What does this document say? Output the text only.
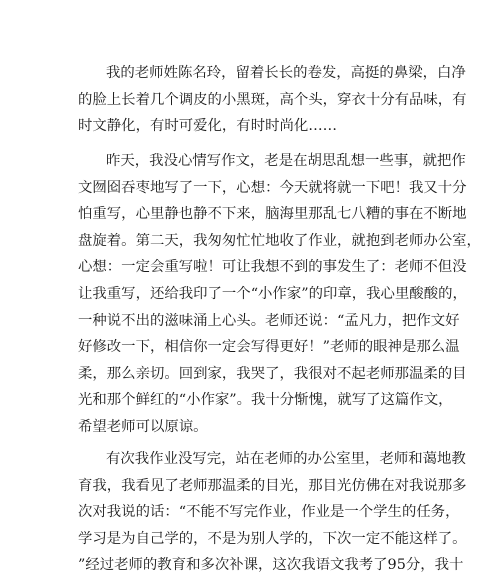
我的老师姓陈名玲，留着长长的卷发，高挺的鼻梁，白净
的脸上长着几个调皮的小黑斑，高个头，穿衣十分有品味，有
时文静化，有时可爱化，有时时尚化……
昨天，我没心情写作文，老是在胡思乱想一些事，就把作
文囫囵吞枣地写了一下，心想：今天就将就一下吧！我又十分
怕重写，心里静也静不下来，脑海里那乱七八糟的事在不断地
盘旋着。第二天，我匆匆忙忙地收了作业，就抱到老师办公室，
心想：一定会重写啦！可让我想不到的事发生了：老师不但没
让我重写，还给我印了一个“小作家”的印章，我心里酸酸的，
一种说不出的滋味涌上心头。老师还说：“孟凡力，把作文好
好修改一下，相信你一定会写得更好！”老师的眼神是那么温
柔，那么亲切。回到家，我哭了，我很对不起老师那温柔的目
光和那个鲜红的“小作家”。我十分惭愧，就写了这篇作文，
希望老师可以原谅。
有次我作业没写完，站在老师的办公室里，老师和蔼地教
育我，我看见了老师那温柔的目光，那目光仿佛在对我说那多
次对我说的话：“不能不写完作业，作业是一个学生的任务，
学习是为自己学的，不是为别人学的，下次一定不能这样了。
”经过老师的教育和多次补课，这次我语文我考了95分，我十
